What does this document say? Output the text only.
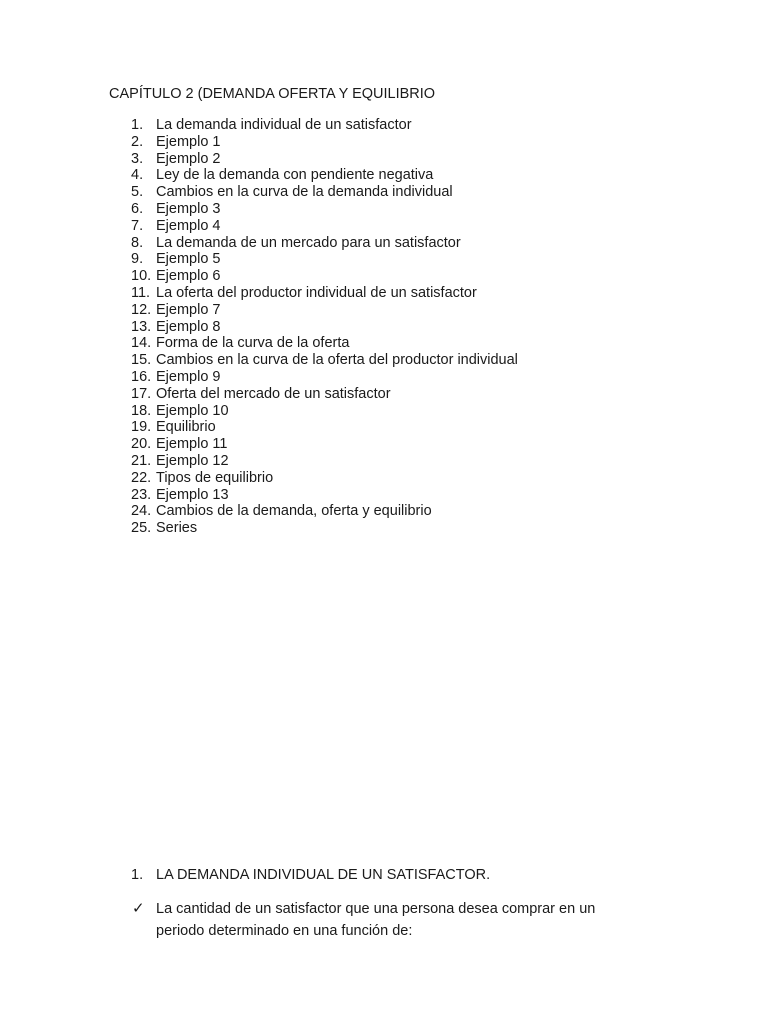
CAPÍTULO 2 (DEMANDA OFERTA Y EQUILIBRIO
1. La demanda individual de un satisfactor
2. Ejemplo 1
3. Ejemplo 2
4. Ley de la demanda con pendiente negativa
5. Cambios en la curva de la demanda individual
6. Ejemplo 3
7. Ejemplo 4
8. La demanda de un mercado para un satisfactor
9. Ejemplo 5
10. Ejemplo 6
11. La oferta del productor individual de un satisfactor
12. Ejemplo 7
13. Ejemplo 8
14. Forma de la curva de la oferta
15. Cambios en la curva de la oferta del productor individual
16. Ejemplo 9
17. Oferta del mercado de un satisfactor
18. Ejemplo 10
19. Equilibrio
20. Ejemplo 11
21. Ejemplo 12
22. Tipos de equilibrio
23. Ejemplo 13
24. Cambios de la demanda, oferta y equilibrio
25. Series
1. LA DEMANDA INDIVIDUAL DE UN SATISFACTOR.
✓ La cantidad de un satisfactor que una persona desea comprar en un periodo determinado en una función de:
